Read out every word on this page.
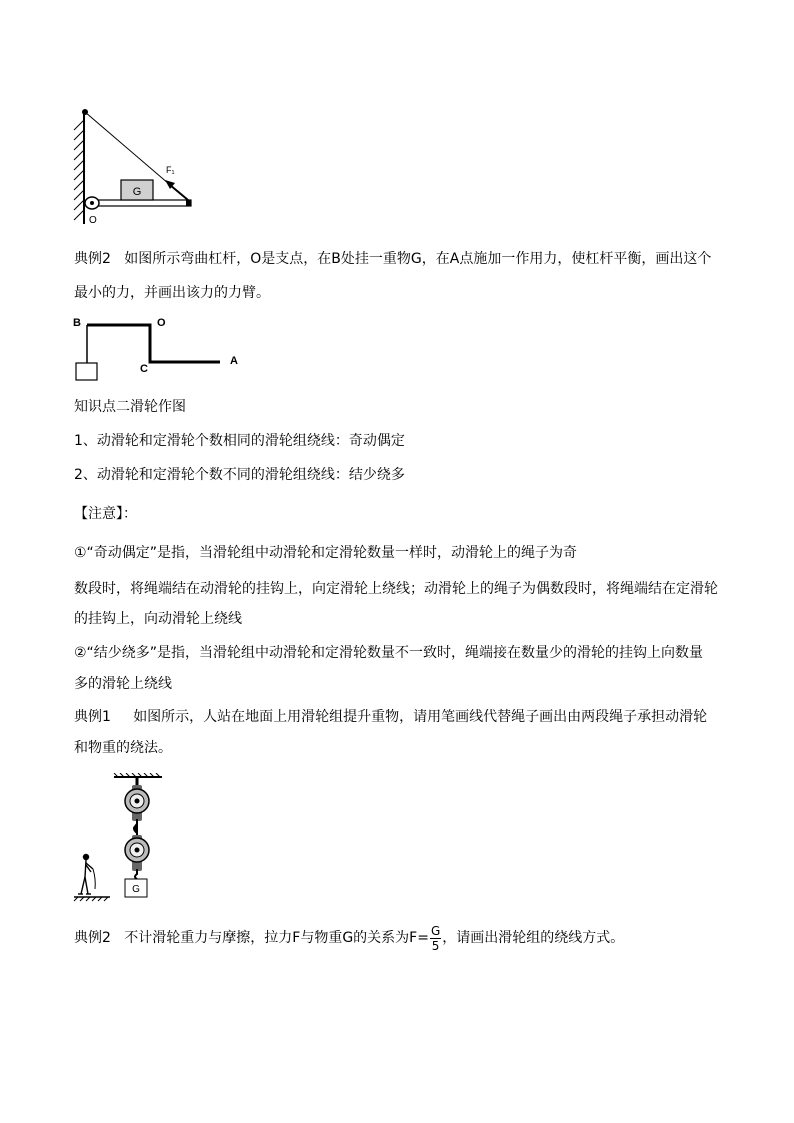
G
F₁
O
典例2 如图所示弯曲杠杆，O是支点，在B处挂一重物G，在A点施加一作用力，使杠杆平衡，画出这个
最小的力，并画出该力的力臂。
B	O
C
A
知识点二滑轮作图
1、动滑轮和定滑轮个数相同的滑轮组绕线：奇动偶定
2、动滑轮和定滑轮个数不同的滑轮组绕线：结少绕多
【注意】：
①“奇动偶定”是指，当滑轮组中动滑轮和定滑轮数量一样时，动滑轮上的绳子为奇
数段时，将绳端结在动滑轮的挂钩上，向定滑轮上绕线；动滑轮上的绳子为偶数段时，将绳端结在定滑轮
的挂钩上，向动滑轮上绕线
②“结少绕多”是指，当滑轮组中动滑轮和定滑轮数量不一致时，绳端接在数量少的滑轮的挂钩上向数量
多的滑轮上绕线
典例1 如图所示，人站在地面上用滑轮组提升重物，请用笔画线代替绳子画出由两段绳子承担动滑轮
和物重的绕法。
G
典例2 不计滑轮重力与摩擦，拉力F与物重G的关系为$F= \frac{G}{5}$ ，请画出滑轮组的绕线方式。
